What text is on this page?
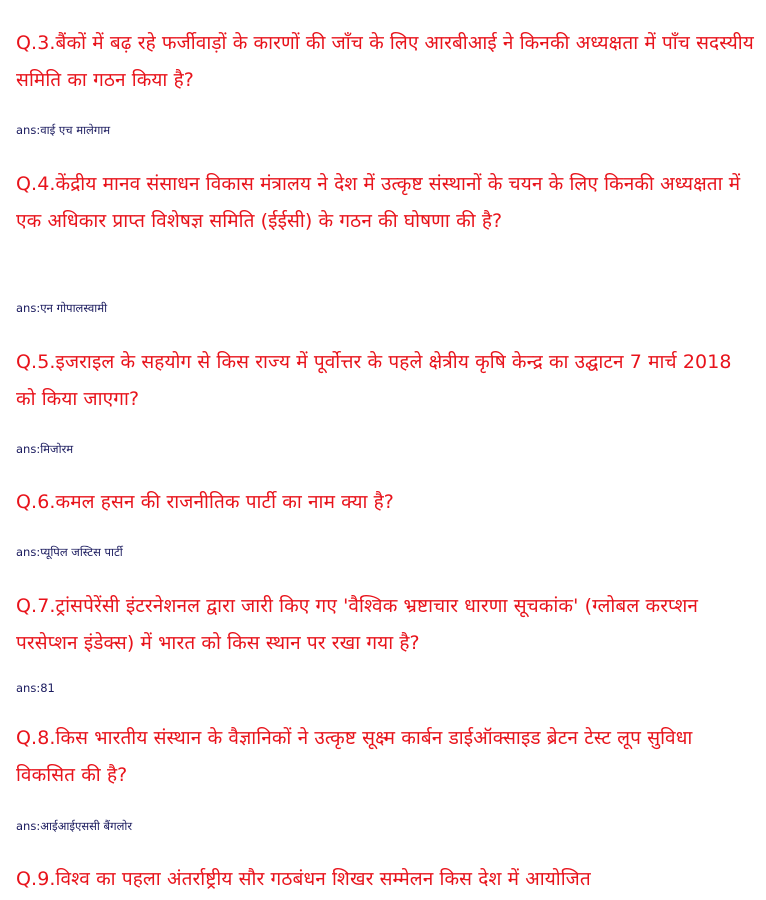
Q.3.बैंकों में बढ़ रहे फर्जीवाड़ों के कारणों की जाँच के लिए आरबीआई ने किनकी अध्यक्षता में पाँच सदस्यीय समिति का गठन किया है?

ans:वाई एच मालेगाम

Q.4.केंद्रीय मानव संसाधन विकास मंत्रालय ने देश में उत्कृष्ट संस्थानों के चयन के लिए किनकी अध्यक्षता में एक अधिकार प्राप्त विशेषज्ञ समिति (ईईसी) के गठन की घोषणा की है?

ans:एन गोपालस्वामी

Q.5.इजराइल के सहयोग से किस राज्य में पूर्वोत्तर के पहले क्षेत्रीय कृषि केन्द्र का उद्घाटन 7 मार्च 2018 को किया जाएगा?

ans:मिजोरम

Q.6.कमल हसन की राजनीतिक पार्टी का नाम क्या है?

ans:प्यूपिल जस्टिस पार्टी

Q.7.ट्रांसपेरेंसी इंटरनेशनल द्वारा जारी किए गए 'वैश्विक भ्रष्टाचार धारणा सूचकांक' (ग्लोबल करप्शन परसेप्शन इंडेक्स) में भारत को किस स्थान पर रखा गया है?

ans:81

Q.8.किस भारतीय संस्थान के वैज्ञानिकों ने उत्कृष्ट सूक्ष्म कार्बन डाईऑक्साइड ब्रेटन टेस्ट लूप सुविधा विकसित की है?

ans:आईआईएससी बैंगलोर

Q.9.विश्व का पहला अंतर्राष्ट्रीय सौर गठबंधन शिखर सम्मेलन किस देश में आयोजित
